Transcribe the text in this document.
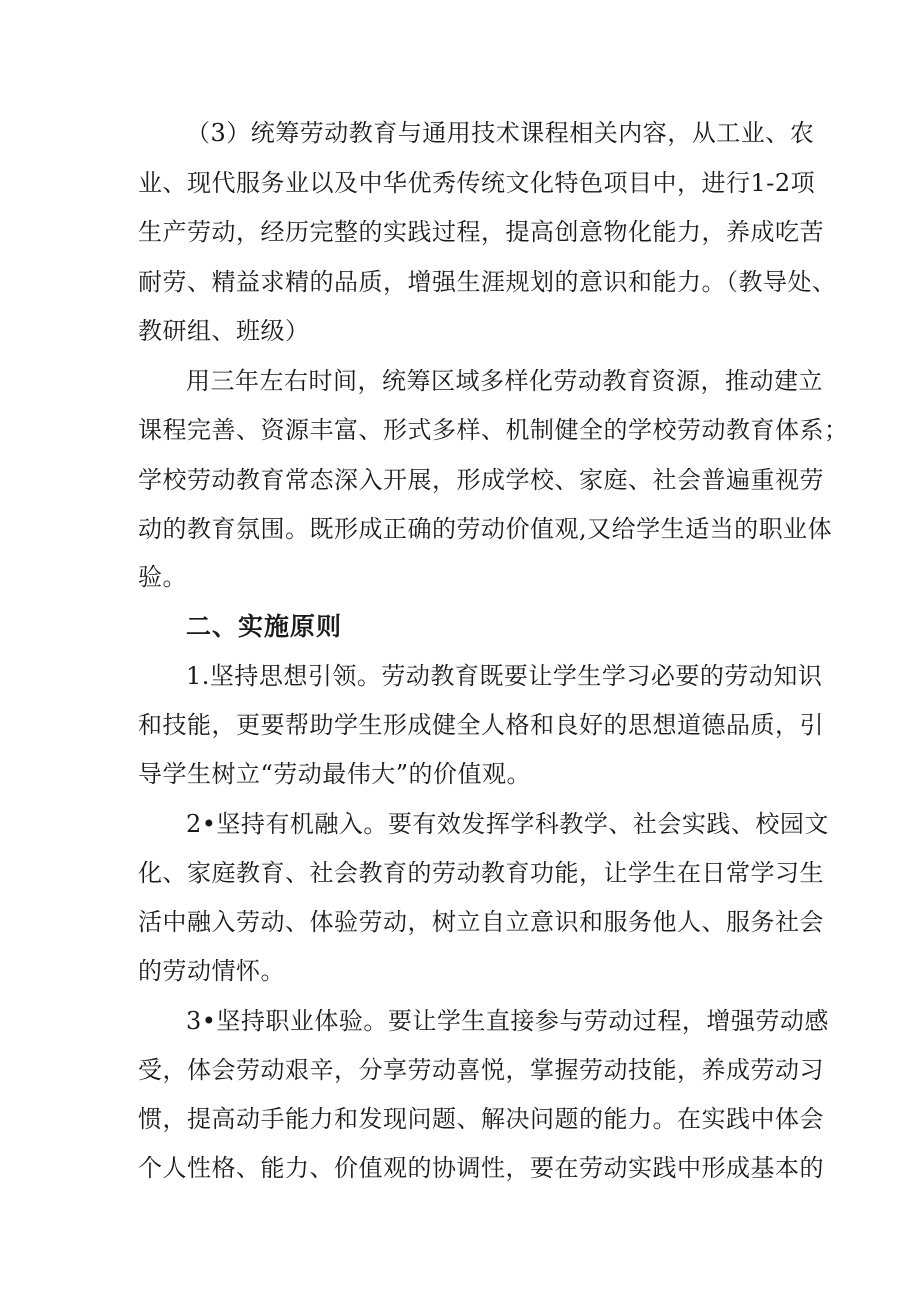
（3）统筹劳动教育与通用技术课程相关内容，从工业、农
业、现代服务业以及中华优秀传统文化特色项目中，进行1-2项
生产劳动，经历完整的实践过程，提高创意物化能力，养成吃苦
耐劳、精益求精的品质，增强生涯规划的意识和能力。（教导处、
教研组、班级）
用三年左右时间，统筹区域多样化劳动教育资源，推动建立
课程完善、资源丰富、形式多样、机制健全的学校劳动教育体系；
学校劳动教育常态深入开展，形成学校、家庭、社会普遍重视劳
动的教育氛围。既形成正确的劳动价值观,又给学生适当的职业体
验。
二、实施原则
1.坚持思想引领。劳动教育既要让学生学习必要的劳动知识
和技能，更要帮助学生形成健全人格和良好的思想道德品质，引
导学生树立“劳动最伟大”的价值观。
2•坚持有机融入。要有效发挥学科教学、社会实践、校园文
化、家庭教育、社会教育的劳动教育功能，让学生在日常学习生
活中融入劳动、体验劳动，树立自立意识和服务他人、服务社会
的劳动情怀。
3•坚持职业体验。要让学生直接参与劳动过程，增强劳动感
受，体会劳动艰辛，分享劳动喜悦，掌握劳动技能，养成劳动习
惯，提高动手能力和发现问题、解决问题的能力。在实践中体会
个人性格、能力、价值观的协调性，要在劳动实践中形成基本的
